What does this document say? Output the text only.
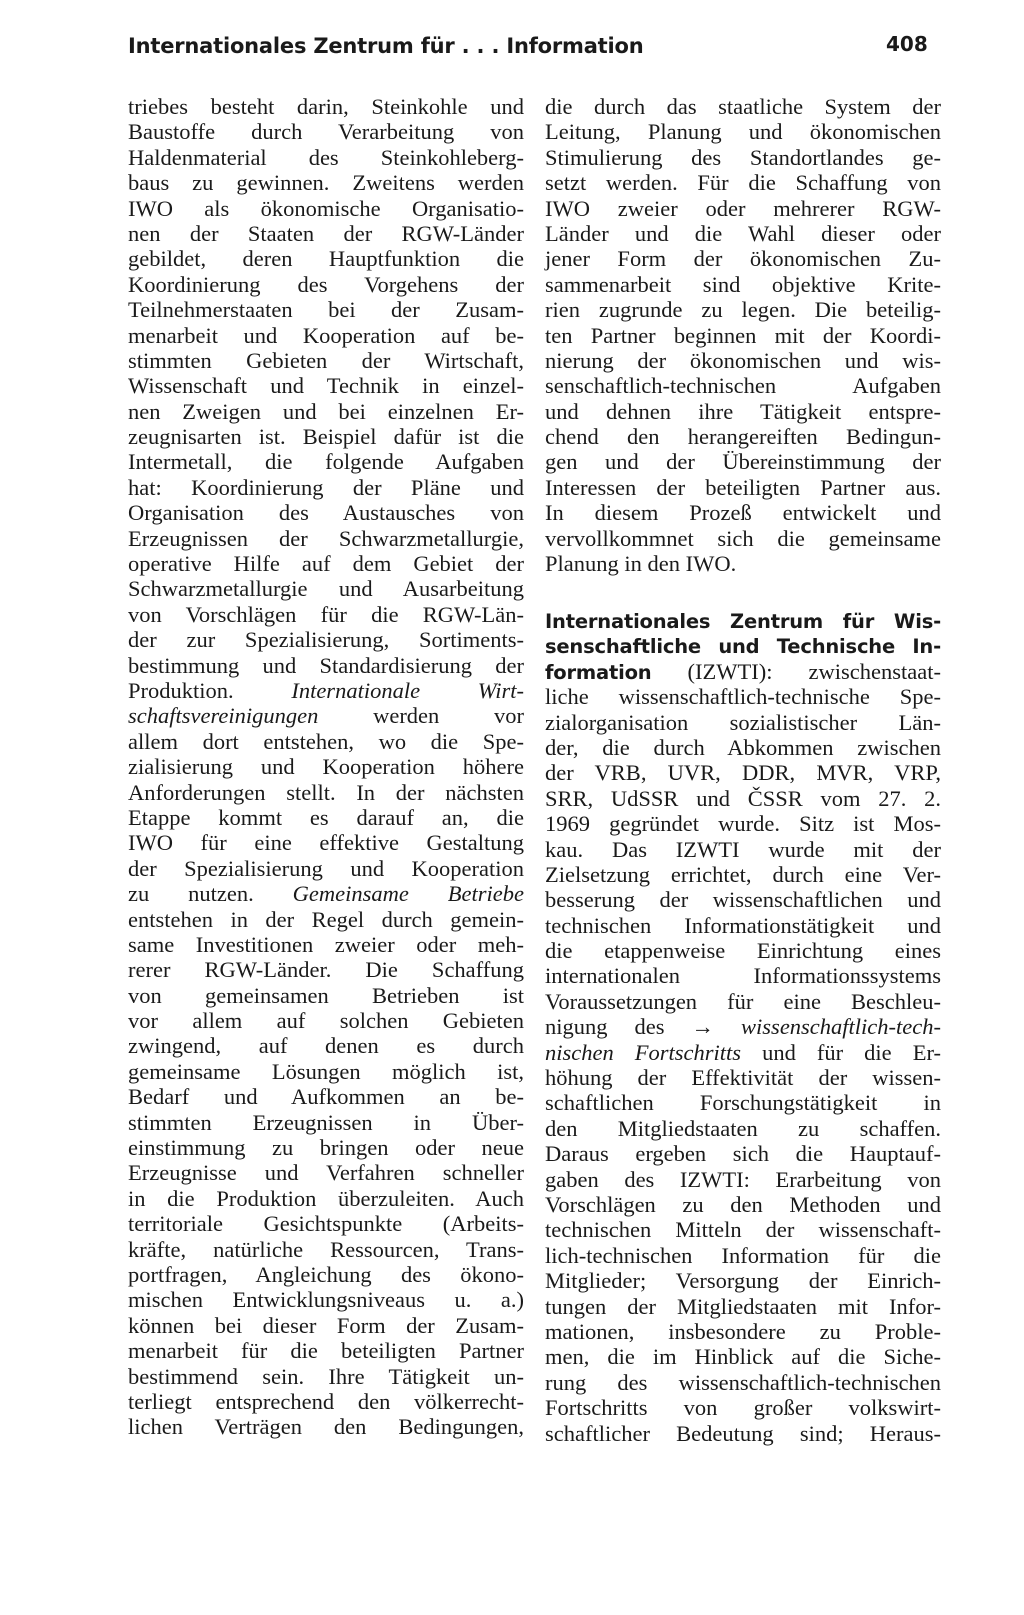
Internationales Zentrum für . . . Information	408
triebes besteht darin, Steinkohle und
Baustoffe durch Verarbeitung von
Haldenmaterial des Steinkohleberg-
baus zu gewinnen. Zweitens werden
IWO als ökonomische Organisatio-
nen der Staaten der RGW-Länder
gebildet, deren Hauptfunktion die
Koordinierung des Vorgehens der
Teilnehmerstaaten bei der Zusam-
menarbeit und Kooperation auf be-
stimmten Gebieten der Wirtschaft,
Wissenschaft und Technik in einzel-
nen Zweigen und bei einzelnen Er-
zeugnisarten ist. Beispiel dafür ist die
Intermetall, die folgende Aufgaben
hat: Koordinierung der Pläne und
Organisation des Austausches von
Erzeugnissen der Schwarzmetallurgie,
operative Hilfe auf dem Gebiet der
Schwarzmetallurgie und Ausarbeitung
von Vorschlägen für die RGW-Län-
der zur Spezialisierung, Sortiments-
bestimmung und Standardisierung der
Produktion. Internationale Wirt-
schaftsvereinigungen werden vor
allem dort entstehen, wo die Spe-
zialisierung und Kooperation höhere
Anforderungen stellt. In der nächsten
Etappe kommt es darauf an, die
IWO für eine effektive Gestaltung
der Spezialisierung und Kooperation
zu nutzen. Gemeinsame Betriebe
entstehen in der Regel durch gemein-
same Investitionen zweier oder meh-
rerer RGW-Länder. Die Schaffung
von gemeinsamen Betrieben ist
vor allem auf solchen Gebieten
zwingend, auf denen es durch
gemeinsame Lösungen möglich ist,
Bedarf und Aufkommen an be-
stimmten Erzeugnissen in Über-
einstimmung zu bringen oder neue
Erzeugnisse und Verfahren schneller
in die Produktion überzuleiten. Auch
territoriale Gesichtspunkte (Arbeits-
kräfte, natürliche Ressourcen, Trans-
portfragen, Angleichung des ökono-
mischen Entwicklungsniveaus u. a.)
können bei dieser Form der Zusam-
menarbeit für die beteiligten Partner
bestimmend sein. Ihre Tätigkeit un-
terliegt entsprechend den völkerrecht-
lichen Verträgen den Bedingungen,
die durch das staatliche System der
Leitung, Planung und ökonomischen
Stimulierung des Standortlandes ge-
setzt werden. Für die Schaffung von
IWO zweier oder mehrerer RGW-
Länder und die Wahl dieser oder
jener Form der ökonomischen Zu-
sammenarbeit sind objektive Krite-
rien zugrunde zu legen. Die beteilig-
ten Partner beginnen mit der Koordi-
nierung der ökonomischen und wis-
senschaftlich-technischen Aufgaben
und dehnen ihre Tätigkeit entspre-
chend den herangereiften Bedingun-
gen und der Übereinstimmung der
Interessen der beteiligten Partner aus.
In diesem Prozeß entwickelt und
vervollkommnet sich die gemeinsame
Planung in den IWO.
Internationales Zentrum für Wis-
senschaftliche und Technische In-
formation (IZWTI): zwischenstaat-
liche wissenschaftlich-technische Spe-
zialorganisation sozialistischer Län-
der, die durch Abkommen zwischen
der VRB, UVR, DDR, MVR, VRP,
SRR, UdSSR und ČSSR vom 27. 2.
1969 gegründet wurde. Sitz ist Mos-
kau. Das IZWTI wurde mit der
Zielsetzung errichtet, durch eine Ver-
besserung der wissenschaftlichen und
technischen Informationstätigkeit und
die etappenweise Einrichtung eines
internationalen Informationssystems
Voraussetzungen für eine Beschleu-
nigung des → wissenschaftlich-tech-
nischen Fortschritts und für die Er-
höhung der Effektivität der wissen-
schaftlichen Forschungstätigkeit in
den Mitgliedstaaten zu schaffen.
Daraus ergeben sich die Hauptauf-
gaben des IZWTI: Erarbeitung von
Vorschlägen zu den Methoden und
technischen Mitteln der wissenschaft-
lich-technischen Information für die
Mitglieder; Versorgung der Einrich-
tungen der Mitgliedstaaten mit Infor-
mationen, insbesondere zu Proble-
men, die im Hinblick auf die Siche-
rung des wissenschaftlich-technischen
Fortschritts von großer volkswirt-
schaftlicher Bedeutung sind; Heraus-
